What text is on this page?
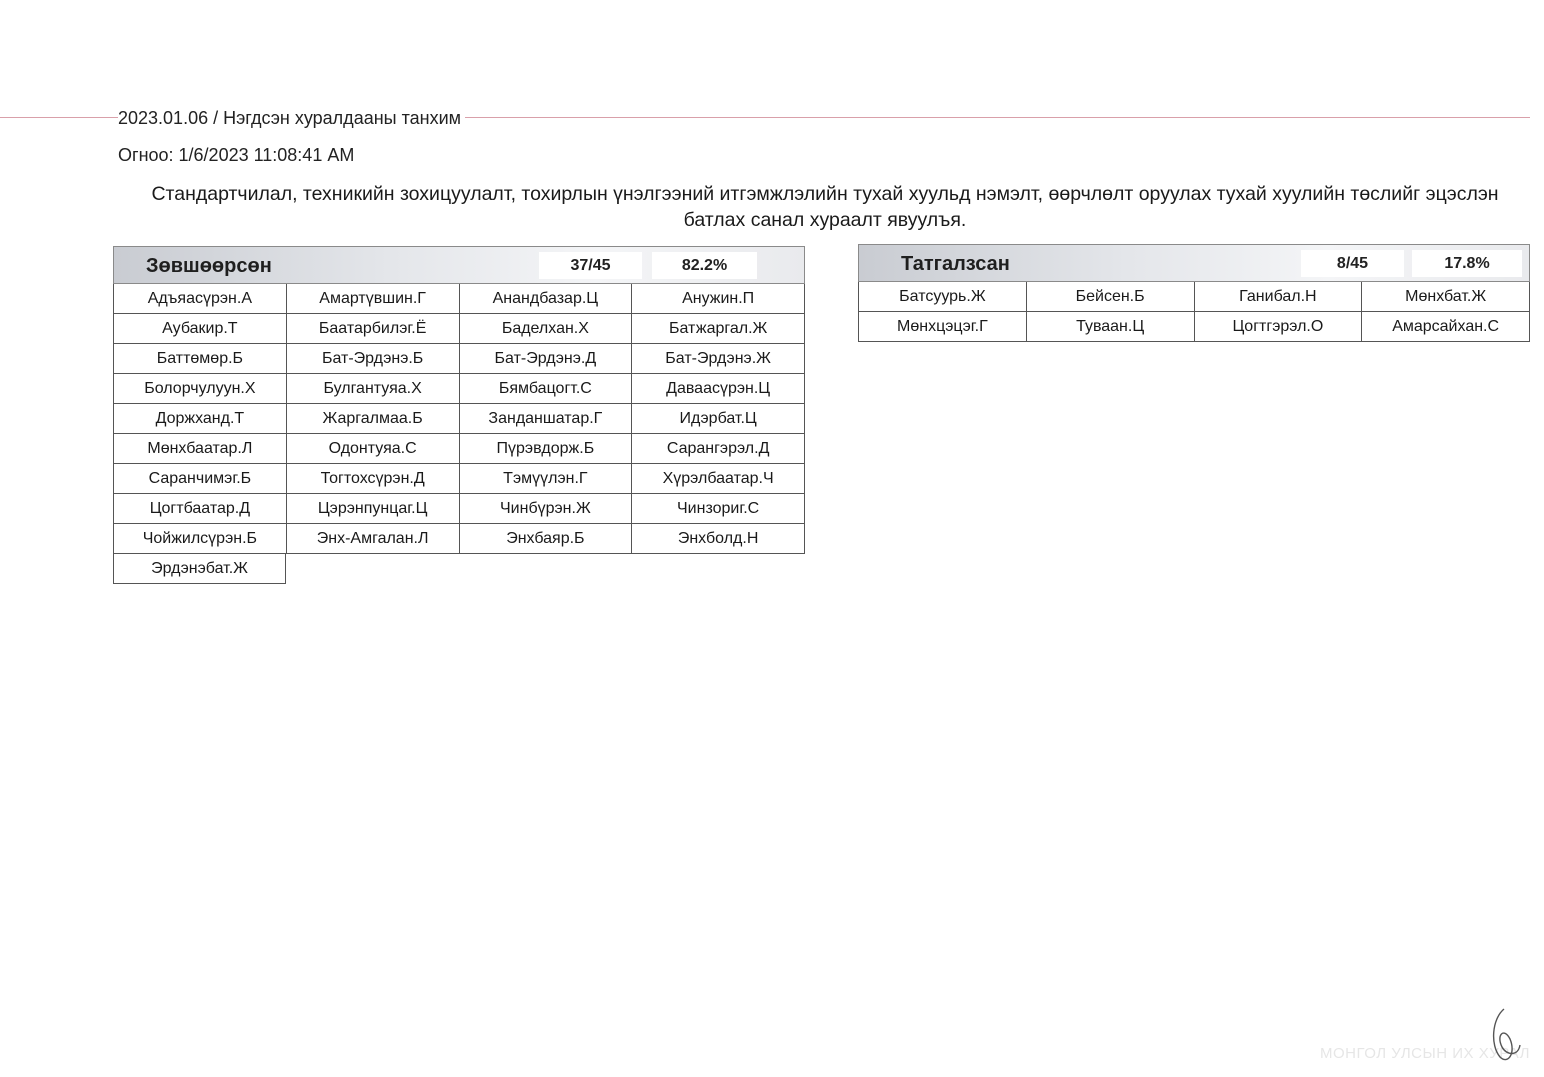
2023.01.06 / Нэгдсэн хуралдааны танхим
Огноо: 1/6/2023 11:08:41 AM
Стандартчилал, техникийн зохицуулалт, тохирлын үнэлгээний итгэмжлэлийн тухай хуульд нэмэлт, өөрчлөлт оруулах тухай хуулийн төслийг эцэслэн батлах санал хураалт явуулъя.
Зөвшөөрсөн	37/45	82.2%
Адъяасүрэн.А	Амартүвшин.Г	Анандбазар.Ц	Анужин.П
Аубакир.Т	Баатарбилэг.Ё	Баделхан.Х	Батжаргал.Ж
Баттөмөр.Б	Бат-Эрдэнэ.Б	Бат-Эрдэнэ.Д	Бат-Эрдэнэ.Ж
Болорчулуун.Х	Булгантуяа.Х	Бямбацогт.С	Даваасүрэн.Ц
Доржханд.Т	Жаргалмаа.Б	Занданшатар.Г	Идэрбат.Ц
Мөнхбаатар.Л	Одонтуяа.С	Пүрэвдорж.Б	Сарангэрэл.Д
Саранчимэг.Б	Тогтохсүрэн.Д	Тэмүүлэн.Г	Хүрэлбаатар.Ч
Цогтбаатар.Д	Цэрэнпунцаг.Ц	Чинбүрэн.Ж	Чинзориг.С
Чойжилсүрэн.Б	Энх-Амгалан.Л	Энхбаяр.Б	Энхболд.Н
Эрдэнэбат.Ж
Татгалзсан	8/45	17.8%
Батсуурь.Ж	Бейсен.Б	Ганибал.Н	Мөнхбат.Ж
Мөнхцэцэг.Г	Туваан.Ц	Цогтгэрэл.О	Амарсайхан.С
МОНГОЛ УЛСЫН ИХ ХУРАЛ
